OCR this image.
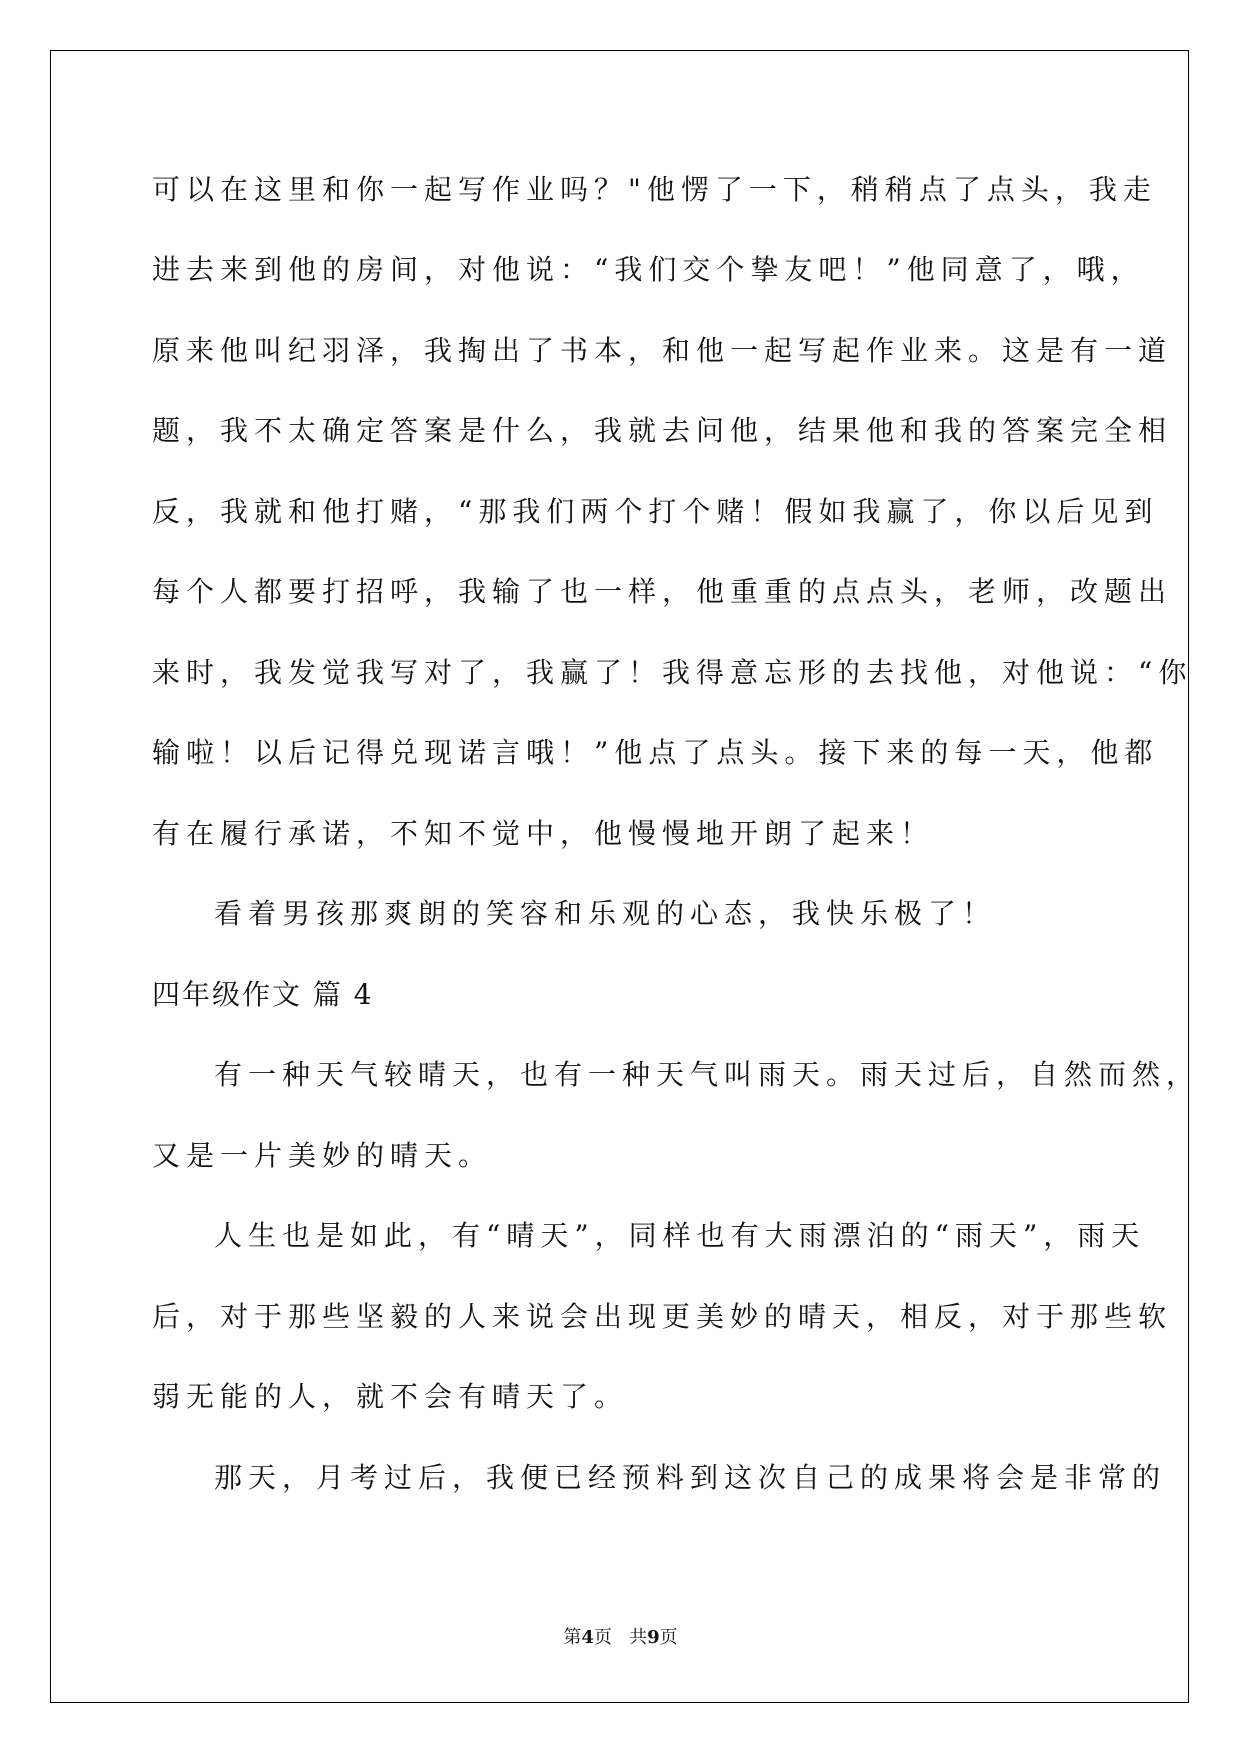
可以在这里和你一起写作业吗？"他愣了一下，稍稍点了点头，我走
进去来到他的房间，对他说：“我们交个挚友吧！”他同意了，哦，
原来他叫纪羽泽，我掏出了书本，和他一起写起作业来。这是有一道
题，我不太确定答案是什么，我就去问他，结果他和我的答案完全相
反，我就和他打赌，“那我们两个打个赌！假如我赢了，你以后见到
每个人都要打招呼，我输了也一样，他重重的点点头，老师，改题出
来时，我发觉我写对了，我赢了！我得意忘形的去找他，对他说：“你
输啦！以后记得兑现诺言哦！”他点了点头。接下来的每一天，他都
有在履行承诺，不知不觉中，他慢慢地开朗了起来！
看着男孩那爽朗的笑容和乐观的心态，我快乐极了！
四年级作文 篇 4
有一种天气较晴天，也有一种天气叫雨天。雨天过后，自然而然，
又是一片美妙的晴天。
人生也是如此，有“晴天”，同样也有大雨漂泊的“雨天”，雨天
后，对于那些坚毅的人来说会出现更美妙的晴天，相反，对于那些软
弱无能的人，就不会有晴天了。
那天，月考过后，我便已经预料到这次自己的成果将会是非常的
第4页   共9页
